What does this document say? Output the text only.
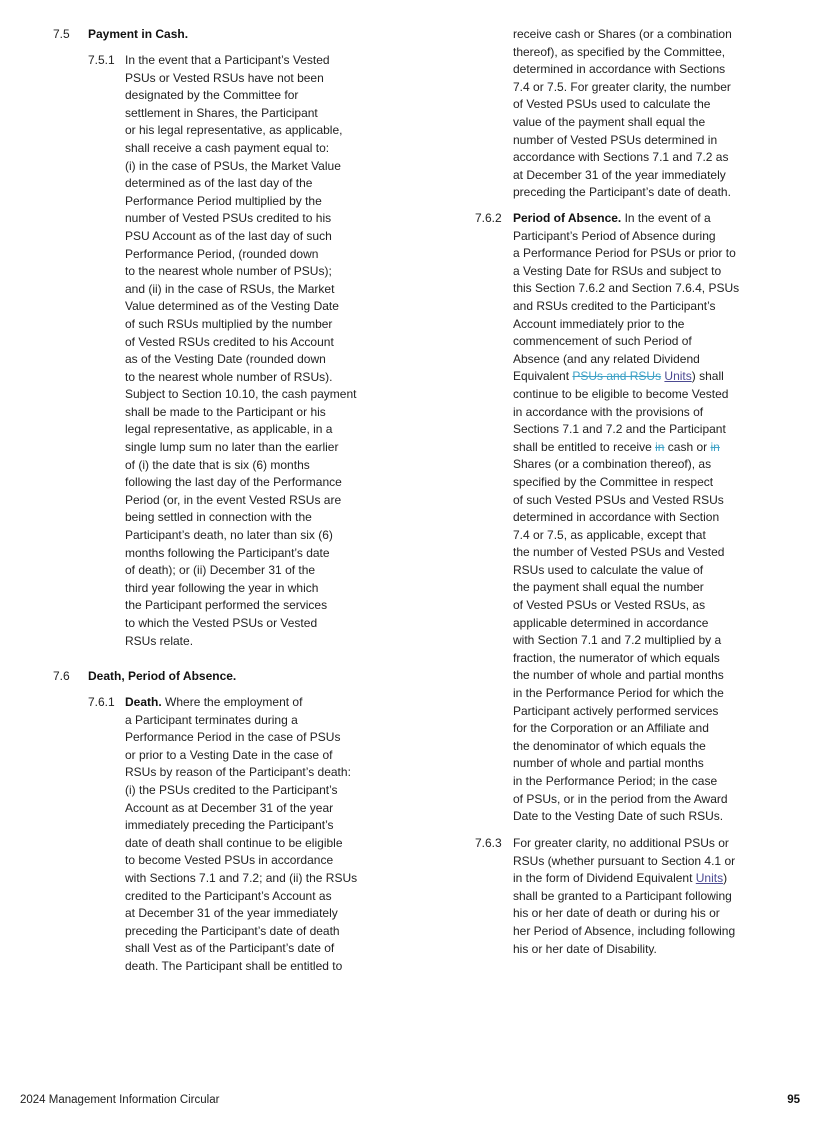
7.5 Payment in Cash.
7.5.1 In the event that a Participant’s Vested
PSUs or Vested RSUs have not been
designated by the Committee for
settlement in Shares, the Participant
or his legal representative, as applicable,
shall receive a cash payment equal to:
(i) in the case of PSUs, the Market Value
determined as of the last day of the
Performance Period multiplied by the
number of Vested PSUs credited to his
PSU Account as of the last day of such
Performance Period, (rounded down
to the nearest whole number of PSUs);
and (ii) in the case of RSUs, the Market
Value determined as of the Vesting Date
of such RSUs multiplied by the number
of Vested RSUs credited to his Account
as of the Vesting Date (rounded down
to the nearest whole number of RSUs).
Subject to Section 10.10, the cash payment
shall be made to the Participant or his
legal representative, as applicable, in a
single lump sum no later than the earlier
of (i) the date that is six (6) months
following the last day of the Performance
Period (or, in the event Vested RSUs are
being settled in connection with the
Participant’s death, no later than six (6)
months following the Participant’s date
of death); or (ii) December 31 of the
third year following the year in which
the Participant performed the services
to which the Vested PSUs or Vested
RSUs relate.
7.6 Death, Period of Absence.
7.6.1 Death. Where the employment of
a Participant terminates during a
Performance Period in the case of PSUs
or prior to a Vesting Date in the case of
RSUs by reason of the Participant’s death:
(i) the PSUs credited to the Participant’s
Account as at December 31 of the year
immediately preceding the Participant’s
date of death shall continue to be eligible
to become Vested PSUs in accordance
with Sections 7.1 and 7.2; and (ii) the RSUs
credited to the Participant’s Account as
at December 31 of the year immediately
preceding the Participant’s date of death
shall Vest as of the Participant’s date of
death. The Participant shall be entitled to
receive cash or Shares (or a combination
thereof), as specified by the Committee,
determined in accordance with Sections
7.4 or 7.5. For greater clarity, the number
of Vested PSUs used to calculate the
value of the payment shall equal the
number of Vested PSUs determined in
accordance with Sections 7.1 and 7.2 as
at December 31 of the year immediately
preceding the Participant’s date of death.
7.6.2 Period of Absence. In the event of a
Participant’s Period of Absence during
a Performance Period for PSUs or prior to
a Vesting Date for RSUs and subject to
this Section 7.6.2 and Section 7.6.4, PSUs
and RSUs credited to the Participant’s
Account immediately prior to the
commencement of such Period of
Absence (and any related Dividend
Equivalent PSUs and RSUs Units) shall
continue to be eligible to become Vested
in accordance with the provisions of
Sections 7.1 and 7.2 and the Participant
shall be entitled to receive in cash or in
Shares (or a combination thereof), as
specified by the Committee in respect
of such Vested PSUs and Vested RSUs
determined in accordance with Section
7.4 or 7.5, as applicable, except that
the number of Vested PSUs and Vested
RSUs used to calculate the value of
the payment shall equal the number
of Vested PSUs or Vested RSUs, as
applicable determined in accordance
with Section 7.1 and 7.2 multiplied by a
fraction, the numerator of which equals
the number of whole and partial months
in the Performance Period for which the
Participant actively performed services
for the Corporation or an Affiliate and
the denominator of which equals the
number of whole and partial months
in the Performance Period; in the case
of PSUs, or in the period from the Award
Date to the Vesting Date of such RSUs.
7.6.3 For greater clarity, no additional PSUs or
RSUs (whether pursuant to Section 4.1 or
in the form of Dividend Equivalent Units)
shall be granted to a Participant following
his or her date of death or during his or
her Period of Absence, including following
his or her date of Disability.
2024 Management Information Circular	95
